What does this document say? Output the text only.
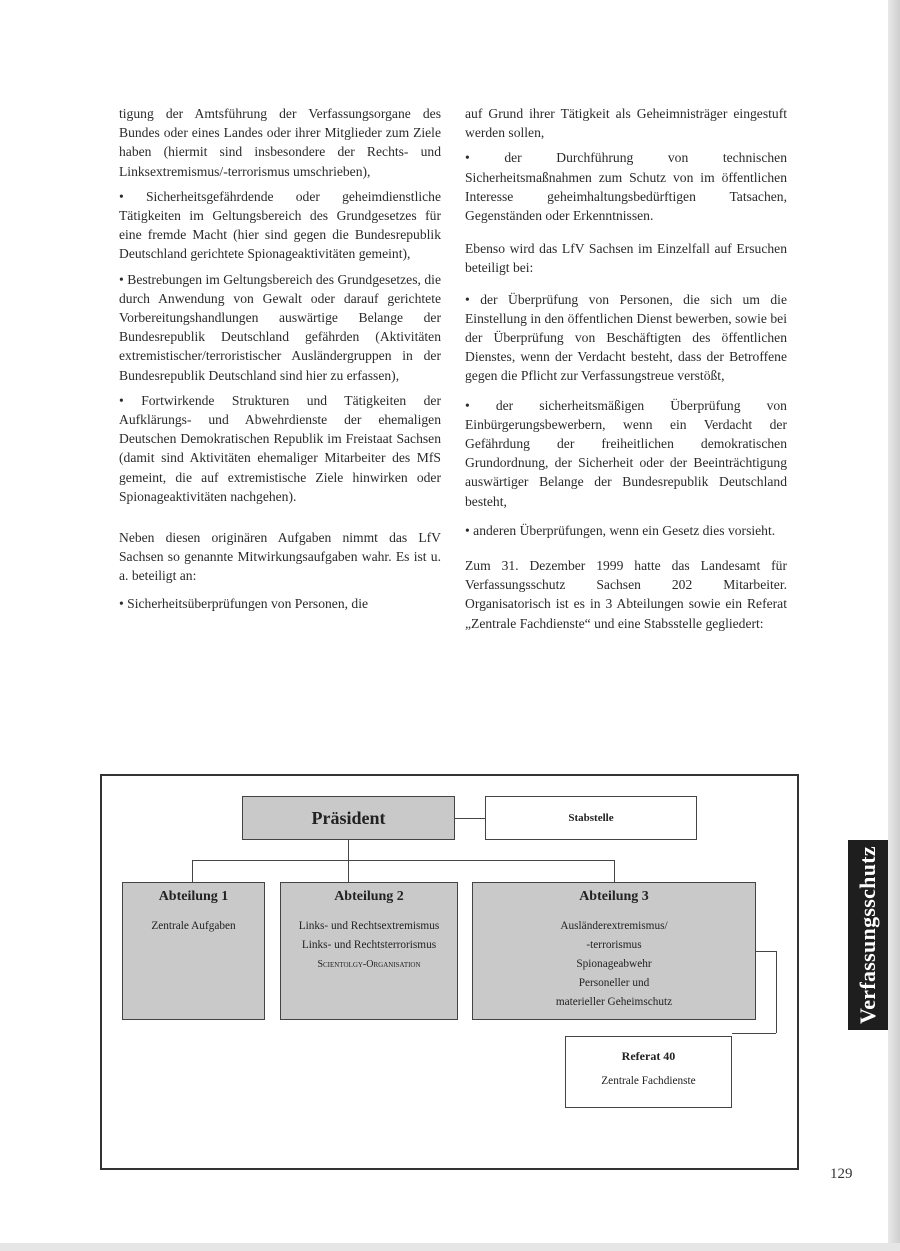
tigung der Amtsführung der Verfassungsorgane des Bundes oder eines Landes oder ihrer Mitglieder zum Ziele haben (hiermit sind insbesondere der Rechts- und Linksextremismus/-terrorismus umschrieben),

• Sicherheitsgefährdende oder geheimdienstliche Tätigkeiten im Geltungsbereich des Grundgesetzes für eine fremde Macht (hier sind gegen die Bundesrepublik Deutschland gerichtete Spionageaktivitäten gemeint),
• Bestrebungen im Geltungsbereich des Grundgesetzes, die durch Anwendung von Gewalt oder darauf gerichtete Vorbereitungshandlungen auswärtige Belange der Bundesrepublik Deutschland gefährden (Aktivitäten extremistischer/terroristischer Ausländergruppen in der Bundesrepublik Deutschland sind hier zu erfassen),
• Fortwirkende Strukturen und Tätigkeiten der Aufklärungs- und Abwehrdienste der ehemaligen Deutschen Demokratischen Republik im Freistaat Sachsen (damit sind Aktivitäten ehemaliger Mitarbeiter des MfS gemeint, die auf extremistische Ziele hinwirken oder Spionageaktivitäten nachgehen).

Neben diesen originären Aufgaben nimmt das LfV Sachsen so genannte Mitwirkungsaufgaben wahr. Es ist u. a. beteiligt an:

• Sicherheitsüberprüfungen von Personen, die

auf Grund ihrer Tätigkeit als Geheimnisträger eingestuft werden sollen,

• der Durchführung von technischen Sicherheitsmaßnahmen zum Schutz von im öffentlichen Interesse geheimhaltungsbedürftigen Tatsachen, Gegenständen oder Erkenntnissen.

Ebenso wird das LfV Sachsen im Einzelfall auf Ersuchen beteiligt bei:

• der Überprüfung von Personen, die sich um die Einstellung in den öffentlichen Dienst bewerben, sowie bei der Überprüfung von Beschäftigten des öffentlichen Dienstes, wenn der Verdacht besteht, dass der Betroffene gegen die Pflicht zur Verfassungstreue verstößt,
• der sicherheitsmäßigen Überprüfung von Einbürgerungsbewerbern, wenn ein Verdacht der Gefährdung der freiheitlichen demokratischen Grundordnung, der Sicherheit oder der Beeinträchtigung auswärtiger Belange der Bundesrepublik Deutschland besteht,
• anderen Überprüfungen, wenn ein Gesetz dies vorsieht.

Zum 31. Dezember 1999 hatte das Landesamt für Verfassungsschutz Sachsen 202 Mitarbeiter. Organisatorisch ist es in 3 Abteilungen sowie ein Referat „Zentrale Fachdienste“ und eine Stabsstelle gegliedert:

Präsident	Stabstelle
Abteilung 1
Zentrale Aufgaben
Abteilung 2
Links- und Rechtsextremismus
Links- und Rechtsterrorismus
Scientolgy-Organisation
Abteilung 3
Ausländerextremismus/
-terrorismus
Spionageabwehr
Personeller und
materieller Geheimschutz
Referat 40
Zentrale Fachdienste
Verfassungsschutz
129
